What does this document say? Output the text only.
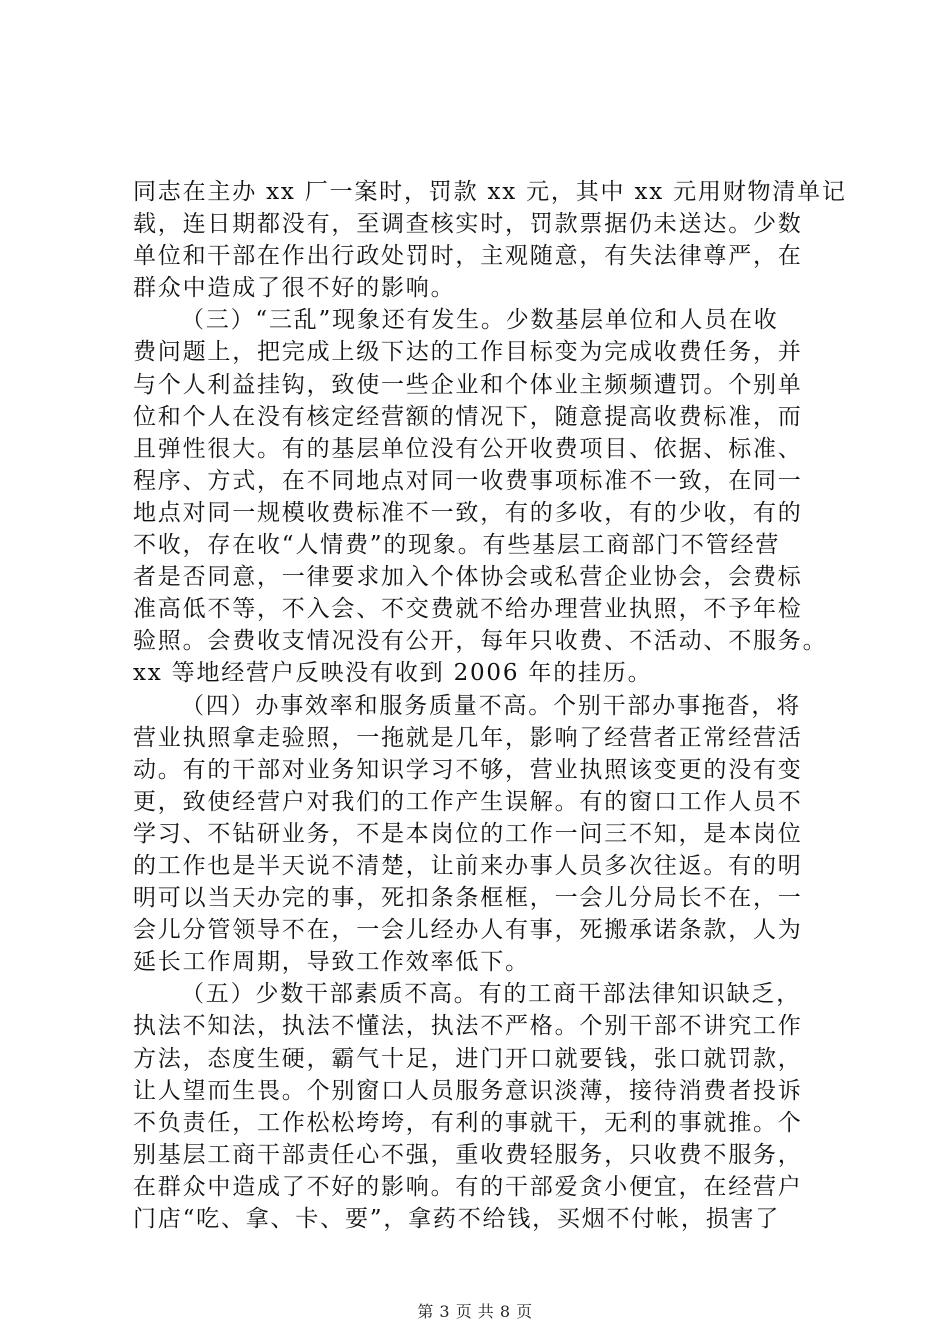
同志在主办 xx 厂一案时，罚款 xx 元，其中 xx 元用财物清单记
载，连日期都没有，至调查核实时，罚款票据仍未送达。少数
单位和干部在作出行政处罚时，主观随意，有失法律尊严，在
群众中造成了很不好的影响。
（三）“三乱”现象还有发生。少数基层单位和人员在收
费问题上，把完成上级下达的工作目标变为完成收费任务，并
与个人利益挂钩，致使一些企业和个体业主频频遭罚。个别单
位和个人在没有核定经营额的情况下，随意提高收费标准，而
且弹性很大。有的基层单位没有公开收费项目、依据、标准、
程序、方式，在不同地点对同一收费事项标准不一致，在同一
地点对同一规模收费标准不一致，有的多收，有的少收，有的
不收，存在收“人情费”的现象。有些基层工商部门不管经营
者是否同意，一律要求加入个体协会或私营企业协会，会费标
准高低不等，不入会、不交费就不给办理营业执照，不予年检
验照。会费收支情况没有公开，每年只收费、不活动、不服务。
xx 等地经营户反映没有收到 2006 年的挂历。
（四）办事效率和服务质量不高。个别干部办事拖沓，将
营业执照拿走验照，一拖就是几年，影响了经营者正常经营活
动。有的干部对业务知识学习不够，营业执照该变更的没有变
更，致使经营户对我们的工作产生误解。有的窗口工作人员不
学习、不钻研业务，不是本岗位的工作一问三不知，是本岗位
的工作也是半天说不清楚，让前来办事人员多次往返。有的明
明可以当天办完的事，死扣条条框框，一会儿分局长不在，一
会儿分管领导不在，一会儿经办人有事，死搬承诺条款，人为
延长工作周期，导致工作效率低下。
（五）少数干部素质不高。有的工商干部法律知识缺乏，
执法不知法，执法不懂法，执法不严格。个别干部不讲究工作
方法，态度生硬，霸气十足，进门开口就要钱，张口就罚款，
让人望而生畏。个别窗口人员服务意识淡薄，接待消费者投诉
不负责任，工作松松垮垮，有利的事就干，无利的事就推。个
别基层工商干部责任心不强，重收费轻服务，只收费不服务，
在群众中造成了不好的影响。有的干部爱贪小便宜，在经营户
门店“吃、拿、卡、要”，拿药不给钱，买烟不付帐，损害了
第 3 页 共 8 页
